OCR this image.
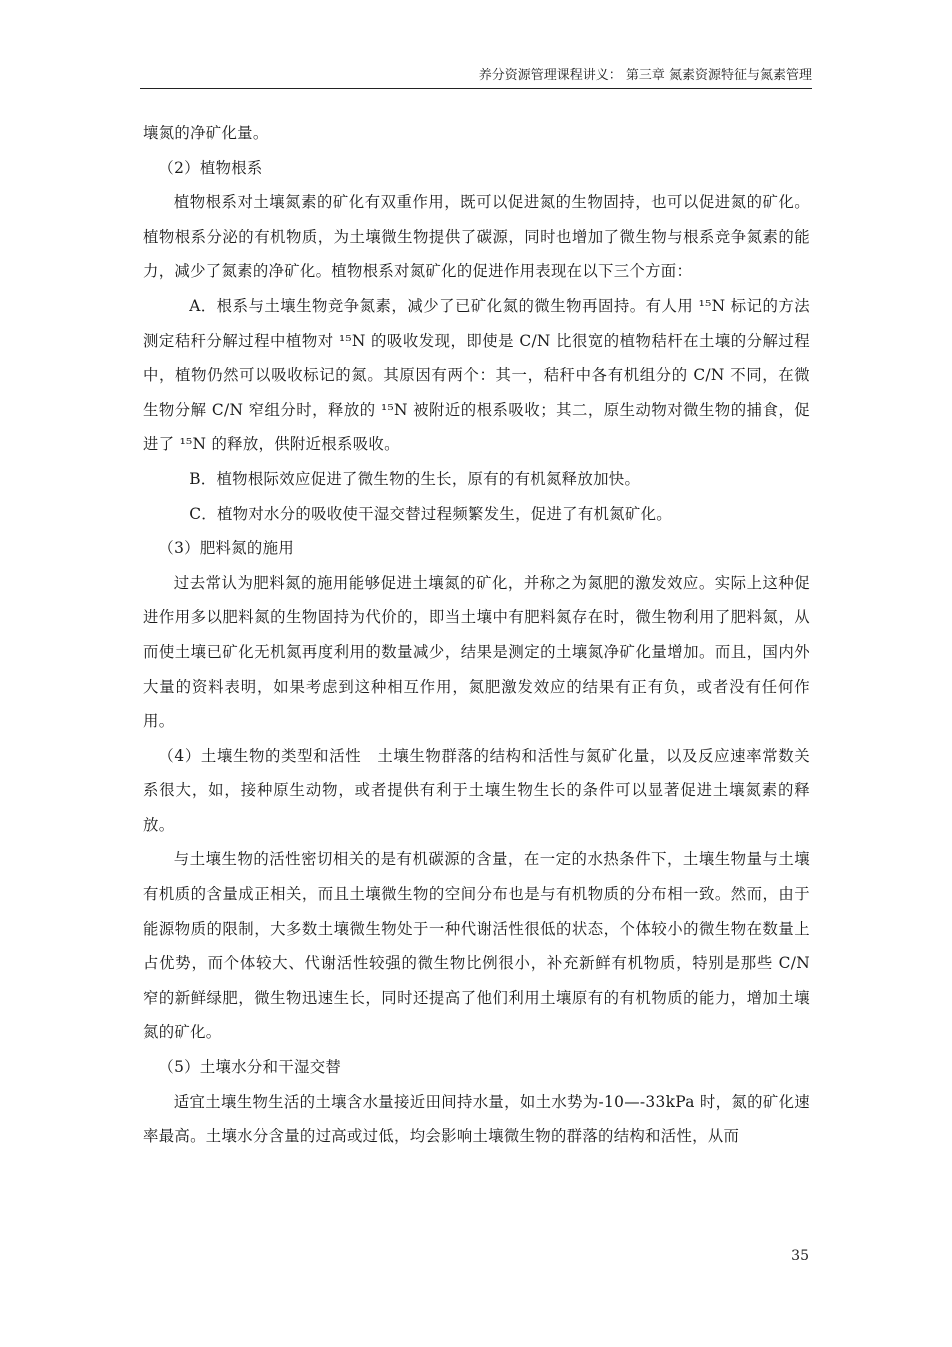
养分资源管理课程讲义： 第三章 氮素资源特征与氮素管理

壤氮的净矿化量。

（2）植物根系

植物根系对土壤氮素的矿化有双重作用，既可以促进氮的生物固持，也可以促进氮的矿化。植物根系分泌的有机物质，为土壤微生物提供了碳源，同时也增加了微生物与根系竞争氮素的能力，减少了氮素的净矿化。植物根系对氮矿化的促进作用表现在以下三个方面：

A．根系与土壤生物竞争氮素，减少了已矿化氮的微生物再固持。有人用 ¹⁵N 标记的方法测定秸秆分解过程中植物对 ¹⁵N 的吸收发现，即使是 C/N 比很宽的植物秸杆在土壤的分解过程中，植物仍然可以吸收标记的氮。其原因有两个：其一，秸秆中各有机组分的 C/N 不同，在微生物分解 C/N 窄组分时，释放的 ¹⁵N 被附近的根系吸收；其二，原生动物对微生物的捕食，促进了 ¹⁵N 的释放，供附近根系吸收。

B．植物根际效应促进了微生物的生长，原有的有机氮释放加快。

C．植物对水分的吸收使干湿交替过程频繁发生，促进了有机氮矿化。

（3）肥料氮的施用

过去常认为肥料氮的施用能够促进土壤氮的矿化，并称之为氮肥的激发效应。实际上这种促进作用多以肥料氮的生物固持为代价的，即当土壤中有肥料氮存在时，微生物利用了肥料氮，从而使土壤已矿化无机氮再度利用的数量减少，结果是测定的土壤氮净矿化量增加。而且，国内外大量的资料表明，如果考虑到这种相互作用，氮肥激发效应的结果有正有负，或者没有任何作用。

（4）土壤生物的类型和活性　土壤生物群落的结构和活性与氮矿化量，以及反应速率常数关系很大，如，接种原生动物，或者提供有利于土壤生物生长的条件可以显著促进土壤氮素的释放。

与土壤生物的活性密切相关的是有机碳源的含量，在一定的水热条件下，土壤生物量与土壤有机质的含量成正相关，而且土壤微生物的空间分布也是与有机物质的分布相一致。然而，由于能源物质的限制，大多数土壤微生物处于一种代谢活性很低的状态，个体较小的微生物在数量上占优势，而个体较大、代谢活性较强的微生物比例很小，补充新鲜有机物质，特别是那些 C/N 窄的新鲜绿肥，微生物迅速生长，同时还提高了他们利用土壤原有的有机物质的能力，增加土壤氮的矿化。

（5）土壤水分和干湿交替

适宜土壤生物生活的土壤含水量接近田间持水量，如土水势为-10—-33kPa 时，氮的矿化速率最高。土壤水分含量的过高或过低，均会影响土壤微生物的群落的结构和活性，从而

35
